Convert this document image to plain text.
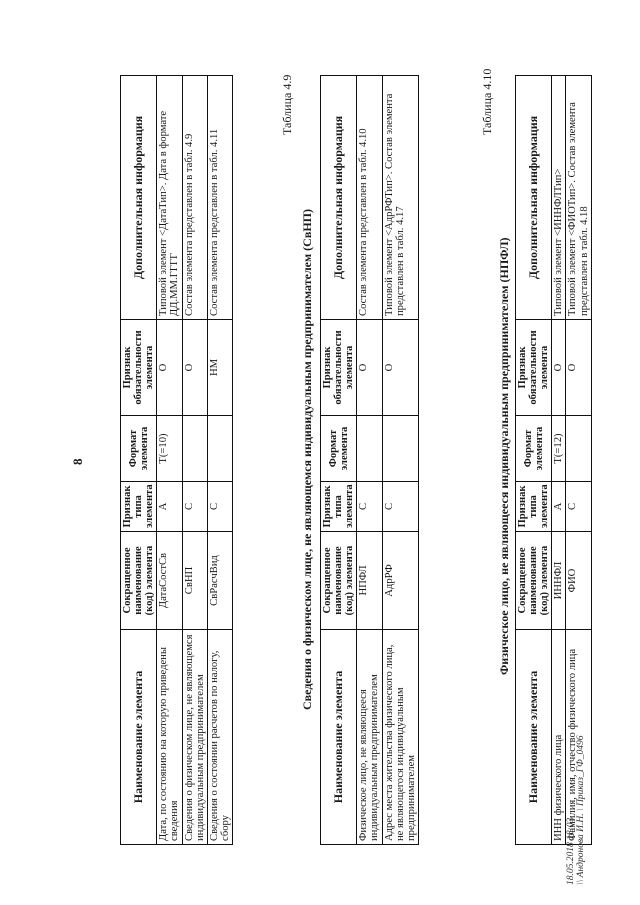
8
Наименование элемента	Сокращенное наименование (код) элемента	Признак типа элемента	Формат элемента	Признак обязательности элемента	Дополнительная информация
Дата, по состоянию на которую приведены сведения	ДатаСостСв	А	T(=10)	О	Типовой элемент <ДатаТип>. Дата в формате ДД.ММ.ГГГГ
Сведения о физическом лице, не являющемся индивидуальным предпринимателем	СвНП	С		О	Состав элемента представлен в табл. 4.9
Сведения о состоянии расчетов по налогу, сбору	СвРасчВид	С		НМ	Состав элемента представлен в табл. 4.11
Таблица 4.9
Сведения о физическом лице, не являющемся индивидуальным предпринимателем (СвНП)
Наименование элемента	Сокращенное наименование (код) элемента	Признак типа элемента	Формат элемента	Признак обязательности элемента	Дополнительная информация
Физическое лицо, не являющееся индивидуальным предпринимателем	НПФЛ	С		О	Состав элемента представлен в табл. 4.10
Адрес места жительства физического лица, не являющегося индивидуальным предпринимателем	АдрРФ	С		О	Типовой элемент <АдрРФТип>. Состав элемента представлен в табл. 4.17
Таблица 4.10
Физическое лицо, не являющееся индивидуальным предпринимателем (НПФЛ)
Наименование элемента	Сокращенное наименование (код) элемента	Признак типа элемента	Формат элемента	Признак обязательности элемента	Дополнительная информация
ИНН физического лица	ИННФЛ	А	T(=12)	О	Типовой элемент <ИННФЛТип>
Фамилия, имя, отчество физического лица	ФИО	С		О	Типовой элемент <ФИОТип>. Состав элемента представлен в табл. 4.18
18.05.2018 18:03 \\ Андронова И.Н. \ Приказ_ГФ_0496
